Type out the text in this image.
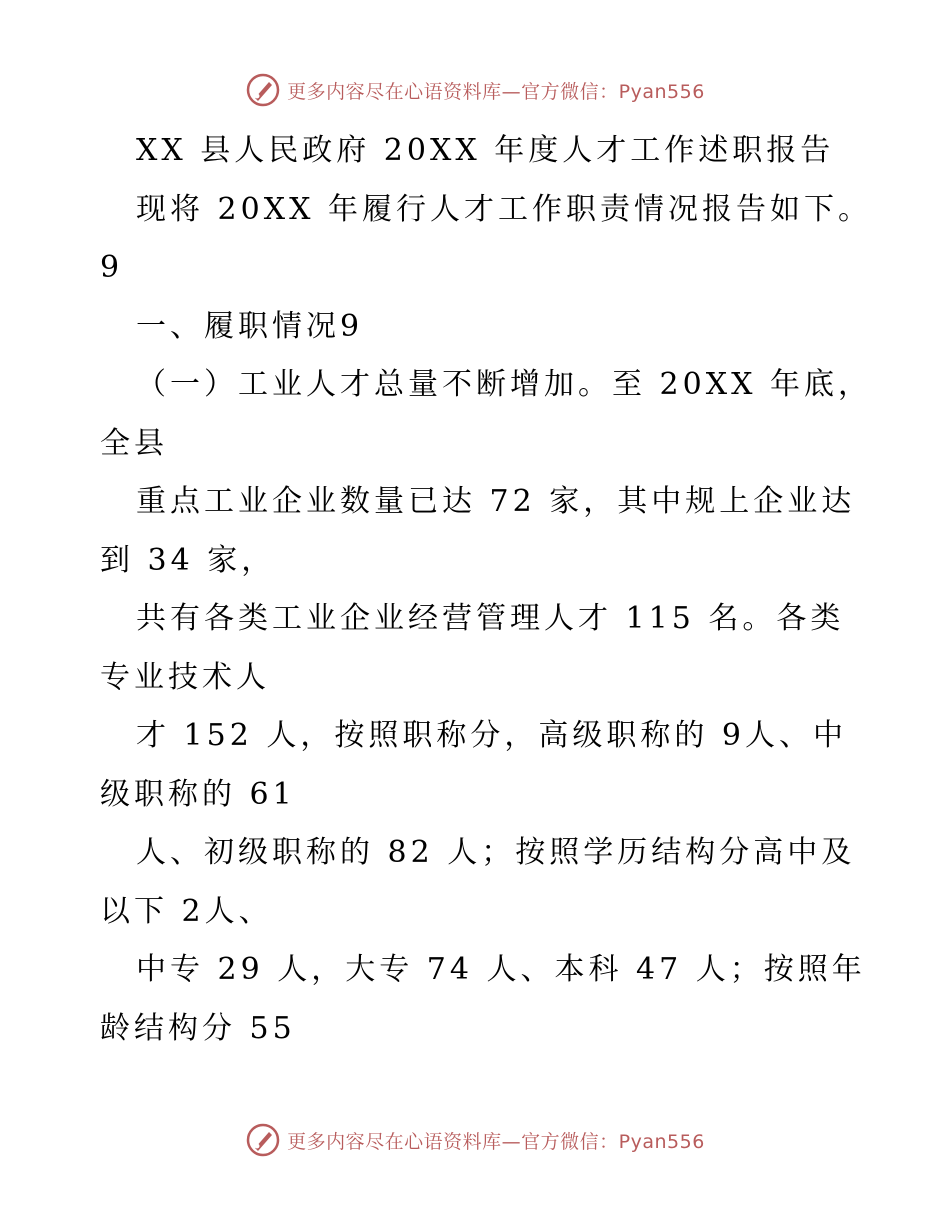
更多内容尽在心语资料库—官方微信：Pyan556
XX 县人民政府 20XX 年度人才工作述职报告
现将 20XX 年履行人才工作职责情况报告如下。
9
一、履职情况9
（一）工业人才总量不断增加。至 20XX 年底，
全县
重点工业企业数量已达 72 家，其中规上企业达
到 34 家，
共有各类工业企业经营管理人才 115 名。各类
专业技术人
才 152 人，按照职称分，高级职称的 9人、中
级职称的 61
人、初级职称的 82 人；按照学历结构分高中及
以下 2人、
中专 29 人，大专 74 人、本科 47 人；按照年
龄结构分 55
更多内容尽在心语资料库—官方微信：Pyan556
